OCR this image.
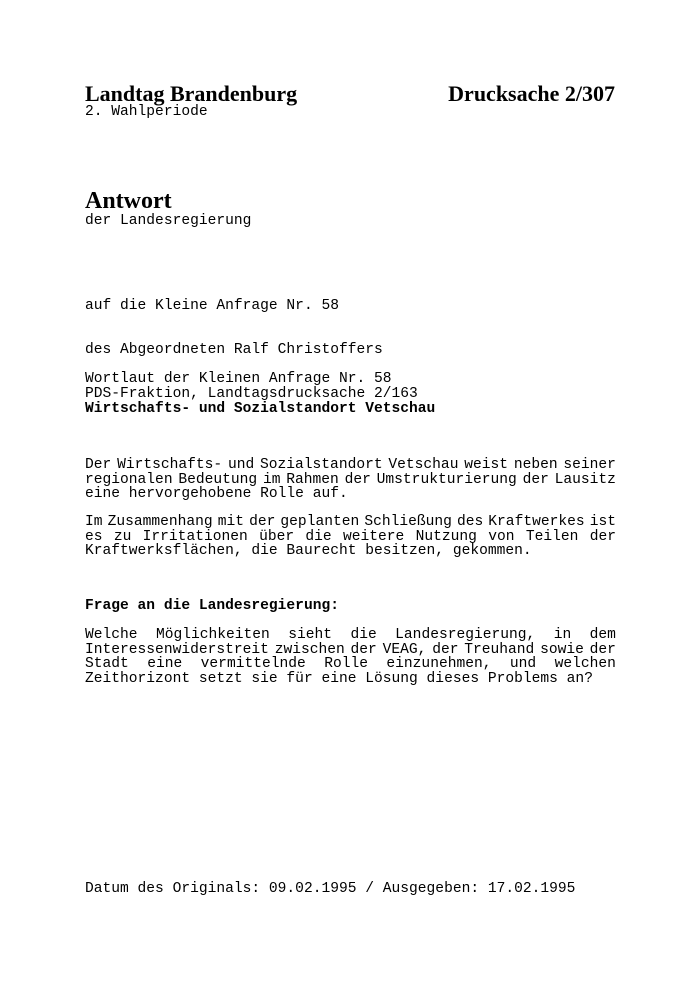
Landtag Brandenburg	Drucksache 2/307
2. Wahlperiode
Antwort
der Landesregierung

auf die Kleine Anfrage Nr. 58

des Abgeordneten Ralf Christoffers

PDS-Fraktion, Landtagsdrucksache 2/163

Wortlaut der Kleinen Anfrage Nr. 58
Wirtschafts- und Sozialstandort Vetschau
Der Wirtschafts- und Sozialstandort Vetschau weist neben seiner
regionalen Bedeutung im Rahmen der Umstrukturierung der Lausitz
eine hervorgehobene Rolle auf.
Im Zusammenhang mit der geplanten Schließung des Kraftwerkes ist
es zu Irritationen über die weitere Nutzung von Teilen der
Kraftwerksflächen, die Baurecht besitzen, gekommen.
Frage an die Landesregierung:
Welche Möglichkeiten sieht die Landesregierung, in dem
Interessenwiderstreit zwischen der VEAG, der Treuhand sowie der
Stadt eine vermittelnde Rolle einzunehmen, und welchen
Zeithorizont setzt sie für eine Lösung dieses Problems an?
Datum des Originals: 09.02.1995 / Ausgegeben: 17.02.1995
